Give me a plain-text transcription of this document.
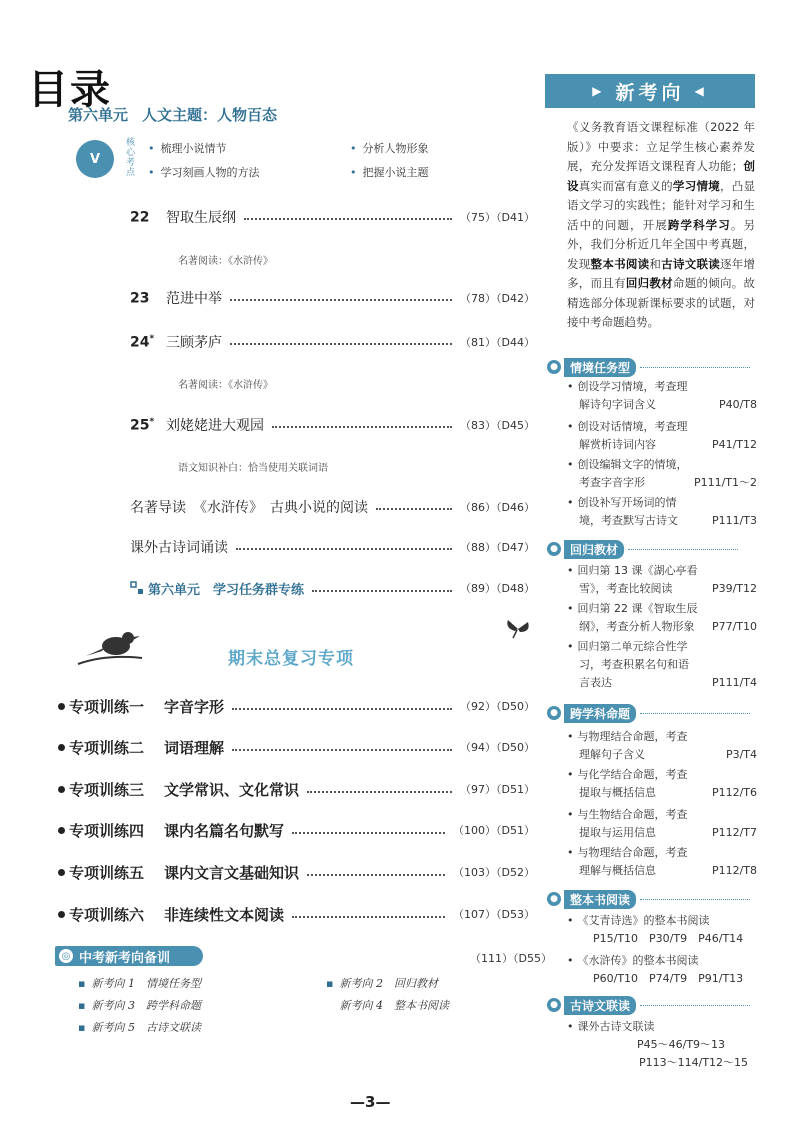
目录
第六单元 人文主题：人物百态
V
核心考点
• 梳理小说情节	• 分析人物形象
• 学习刻画人物的方法	• 把握小说主题
22	智取生辰纲	（75）（D41）
名著阅读：《水浒传》
23	范进中举	（78）（D42）
24* 三顾茅庐	（81）（D44）
名著阅读：《水浒传》
25* 刘姥姥进大观园	（83）（D45）
语文知识补白：恰当使用关联词语
名著导读　《水浒传》　古典小说的阅读	（86）（D46）
课外古诗词诵读	（88）（D47）
第六单元　学习任务群专练	（89）（D48）
期末总复习专项
专项训练一 字音字形	（92）（D50）
专项训练二 词语理解	（94）（D50）
专项训练三 文学常识、文化常识	（97）（D51）
专项训练四 课内名篇名句默写	（100）（D51）
专项训练五 课内文言文基础知识	（103）（D52）
专项训练六 非连续性文本阅读	（107）（D53）
◎ 中考新考向备训	（111）（D55）
▪ 新考向 1　情境任务型	▪ 新考向 2　回归教材
▪ 新考向 3　跨学科命题	新考向 4　整本书阅读
▪ 新考向 5　古诗文联读
—3—
▶ 新考向 ◀
《义务教育语文课程标准（2022 年版）》中要求：立足学生核心素养发展，充分发挥语文课程育人功能；创设真实而富有意义的学习情境，凸显语文学习的实践性；能针对学习和生活中的问题，开展跨学科学习。另外，我们分析近几年全国中考真题，发现整本书阅读和古诗文联读逐年增多，而且有回归教材命题的倾向。故精选部分体现新课标要求的试题，对接中考命题趋势。
●	情境任务型
• 创设学习情境，考查理
解诗句字词含义	P40/T8
• 创设对话情境，考查理
解赏析诗词内容	P41/T12
• 创设编辑文字的情境，
考查字音字形	P111/T1～2
• 创设补写开场词的情
境，考查默写古诗文	P111/T3
●	回归教材
• 回归第 13 课《湖心亭看
雪》，考查比较阅读	P39/T12
• 回归第 22 课《智取生辰
纲》，考查分析人物形象 P77/T10
• 回归第二单元综合性学
习，考查积累名句和语
言表达	P111/T4
●	跨学科命题
• 与物理结合命题，考查
理解句子含义	P3/T4
• 与化学结合命题，考查
提取与概括信息	P112/T6
• 与生物结合命题，考查
提取与运用信息	P112/T7
• 与物理结合命题，考查
理解与概括信息	P112/T8
●	整本书阅读
• 《艾青诗选》的整本书阅读
P15/T10　P30/T9　P46/T14
• 《水浒传》的整本书阅读
P60/T10　P74/T9　P91/T13
●	古诗文联读
• 课外古诗文联读
P45～46/T9～13
P113～114/T12～15
